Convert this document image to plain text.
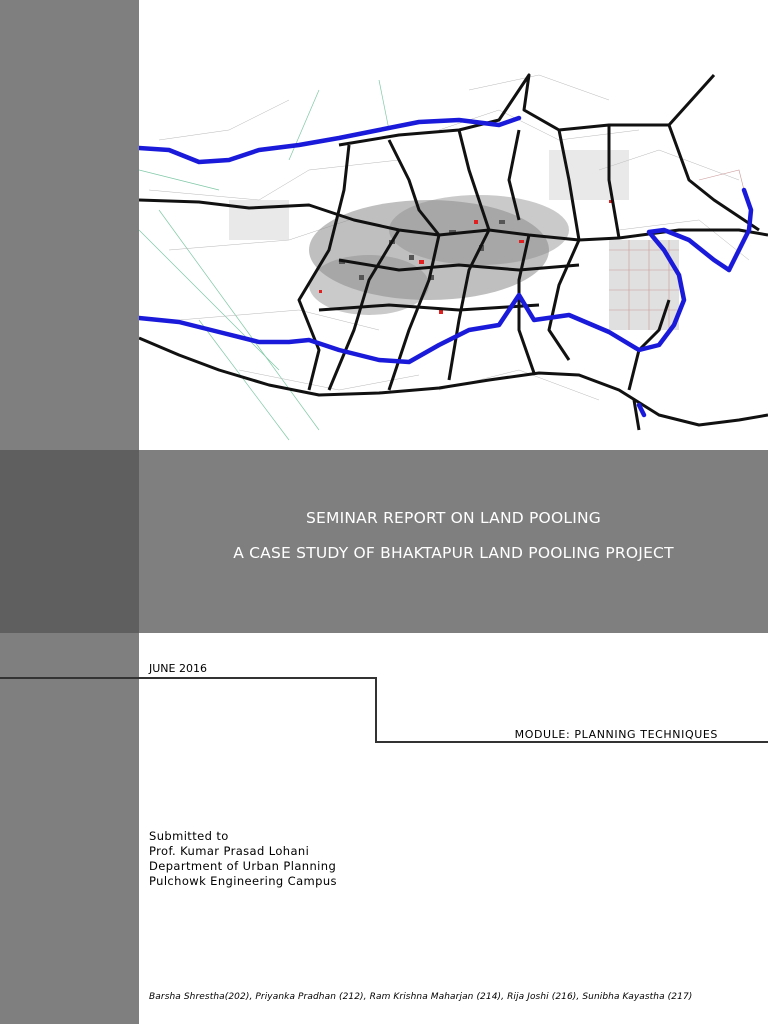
SEMINAR REPORT ON LAND POOLING
A CASE STUDY OF BHAKTAPUR LAND POOLING PROJECT
JUNE 2016
MODULE: PLANNING TECHNIQUES
Submitted to
Prof. Kumar Prasad Lohani
Department of Urban Planning
Pulchowk Engineering Campus
Barsha Shrestha(202), Priyanka Pradhan (212), Ram Krishna Maharjan (214), Rija Joshi (216), Sunibha Kayastha (217)
